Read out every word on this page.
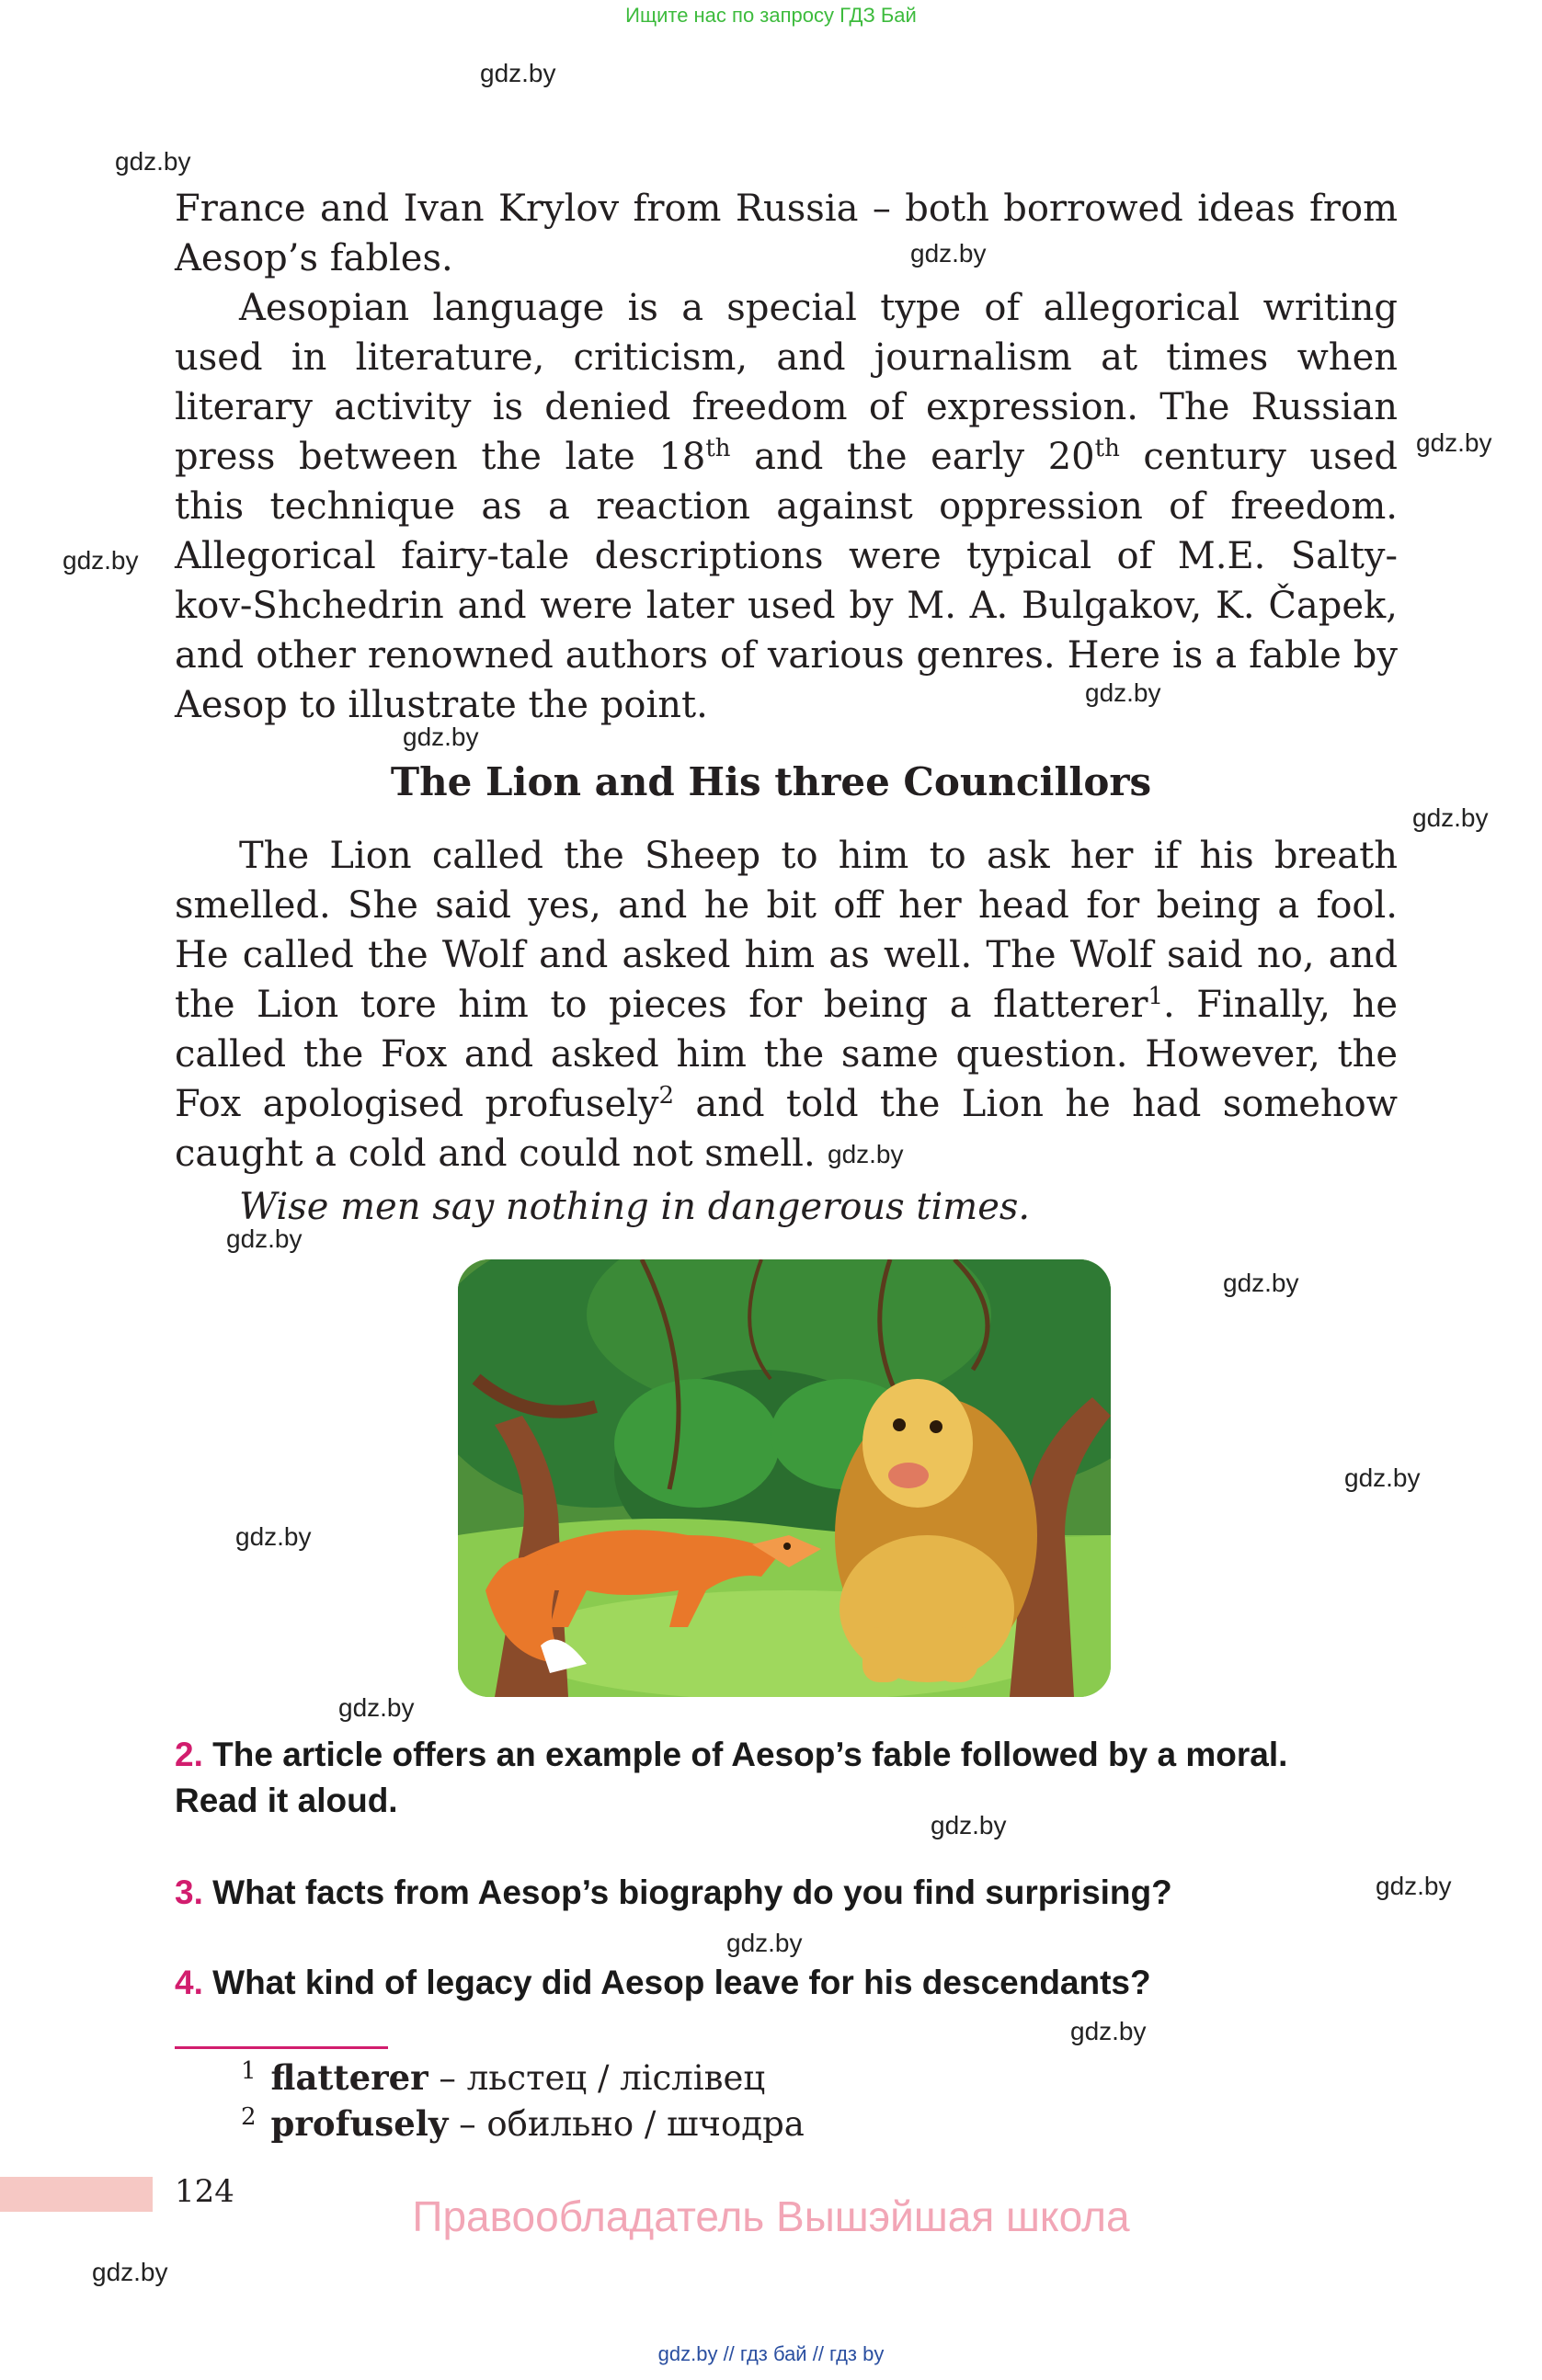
Ищите нас по запросу ГДЗ Бай
gdz.by
gdz.by
gdz.by
gdz.by
gdz.by
gdz.by
gdz.by
gdz.by
gdz.by
gdz.by
gdz.by
gdz.by
gdz.by
gdz.by
gdz.by
gdz.by
gdz.by
gdz.by
gdz.by
France and Ivan Krylov from Russia – both borrowed ideas from
Aesop’s fables.
Aesopian language is a special type of allegorical writing
used in literature, criticism, and journalism at times when
literary activity is denied freedom of expression. The Russian
press between the late 18th and the early 20th century used
this technique as a reaction against oppression of freedom.
Allegorical fairy-tale descriptions were typical of M.E. Salty-
kov-Shchedrin and were later used by M. A. Bulgakov, K. Čapek,
and other renowned authors of various genres. Here is a fable by
Aesop to illustrate the point.
The Lion and His three Councillors
The Lion called the Sheep to him to ask her if his breath
smelled. She said yes, and he bit off her head for being a fool.
He called the Wolf and asked him as well. The Wolf said no, and
the Lion tore him to pieces for being a flatterer$^1$. Finally, he
called the Fox and asked him the same question. However, the
Fox apologised profusely$^2$ and told the Lion he had somehow
caught a cold and could not smell.
Wise men say nothing in dangerous times.
2. The article offers an example of Aesop’s fable followed by a moral.
Read it aloud.
3. What facts from Aesop’s biography do you find surprising?
4. What kind of legacy did Aesop leave for his descendants?
$^1$ flatterer – льстец / лiслiвец
$^2$ profusely – обильно / шчодра
124
Правообладатель Вышэйшая школа
gdz.by // гдз бай // гдз by
